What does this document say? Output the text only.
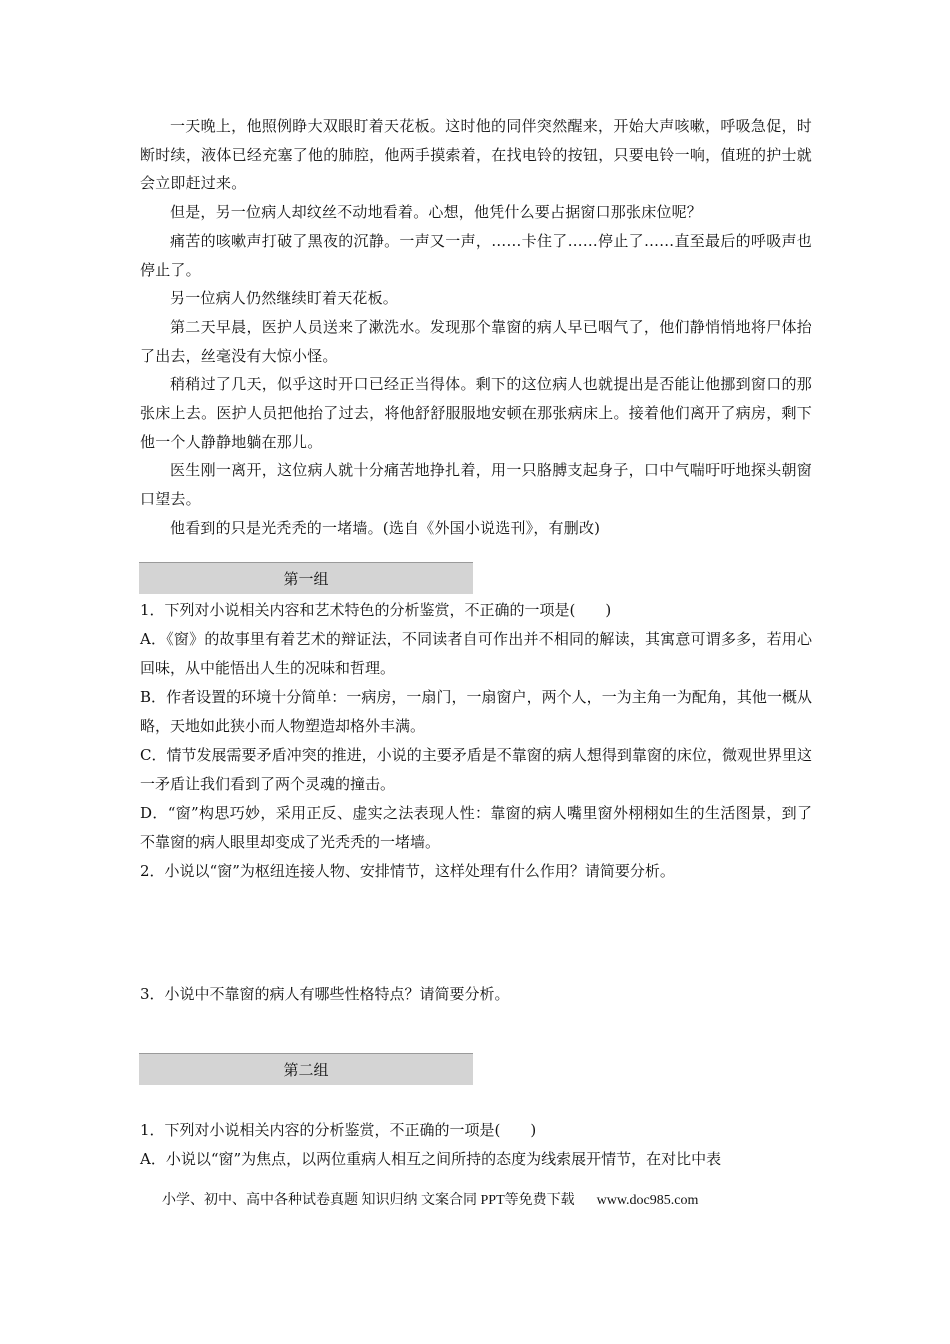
一天晚上，他照例睁大双眼盯着天花板。这时他的同伴突然醒来，开始大声咳嗽，呼吸急促，时断时续，液体已经充塞了他的肺腔，他两手摸索着，在找电铃的按钮，只要电铃一响，值班的护士就会立即赶过来。

但是，另一位病人却纹丝不动地看着。心想，他凭什么要占据窗口那张床位呢？

痛苦的咳嗽声打破了黑夜的沉静。一声又一声，……卡住了……停止了……直至最后的呼吸声也停止了。

另一位病人仍然继续盯着天花板。

第二天早晨，医护人员送来了漱洗水。发现那个靠窗的病人早已咽气了，他们静悄悄地将尸体抬了出去，丝毫没有大惊小怪。

稍稍过了几天，似乎这时开口已经正当得体。剩下的这位病人也就提出是否能让他挪到窗口的那张床上去。医护人员把他抬了过去，将他舒舒服服地安顿在那张病床上。接着他们离开了病房，剩下他一个人静静地躺在那儿。

医生刚一离开，这位病人就十分痛苦地挣扎着，用一只胳膊支起身子，口中气喘吁吁地探头朝窗口望去。

他看到的只是光秃秃的一堵墙。(选自《外国小说选刊》，有删改)

第一组

1．下列对小说相关内容和艺术特色的分析鉴赏，不正确的一项是(　　)

A．《窗》的故事里有着艺术的辩证法，不同读者自可作出并不相同的解读，其寓意可谓多多，若用心回味，从中能悟出人生的况味和哲理。

B．作者设置的环境十分简单：一病房，一扇门，一扇窗户，两个人，一为主角一为配角，其他一概从略，天地如此狭小而人物塑造却格外丰满。

C．情节发展需要矛盾冲突的推进，小说的主要矛盾是不靠窗的病人想得到靠窗的床位，微观世界里这一矛盾让我们看到了两个灵魂的撞击。

D．“窗”构思巧妙，采用正反、虚实之法表现人性：靠窗的病人嘴里窗外栩栩如生的生活图景，到了不靠窗的病人眼里却变成了光秃秃的一堵墙。

2．小说以“窗”为枢纽连接人物、安排情节，这样处理有什么作用？请简要分析。

3．小说中不靠窗的病人有哪些性格特点？请简要分析。

第二组

1．下列对小说相关内容的分析鉴赏，不正确的一项是(　　)

A．小说以“窗”为焦点，以两位重病人相互之间所持的态度为线索展开情节，在对比中表

小学、初中、高中各种试卷真题 知识归纳 文案合同 PPT等免费下载 www.doc985.com
